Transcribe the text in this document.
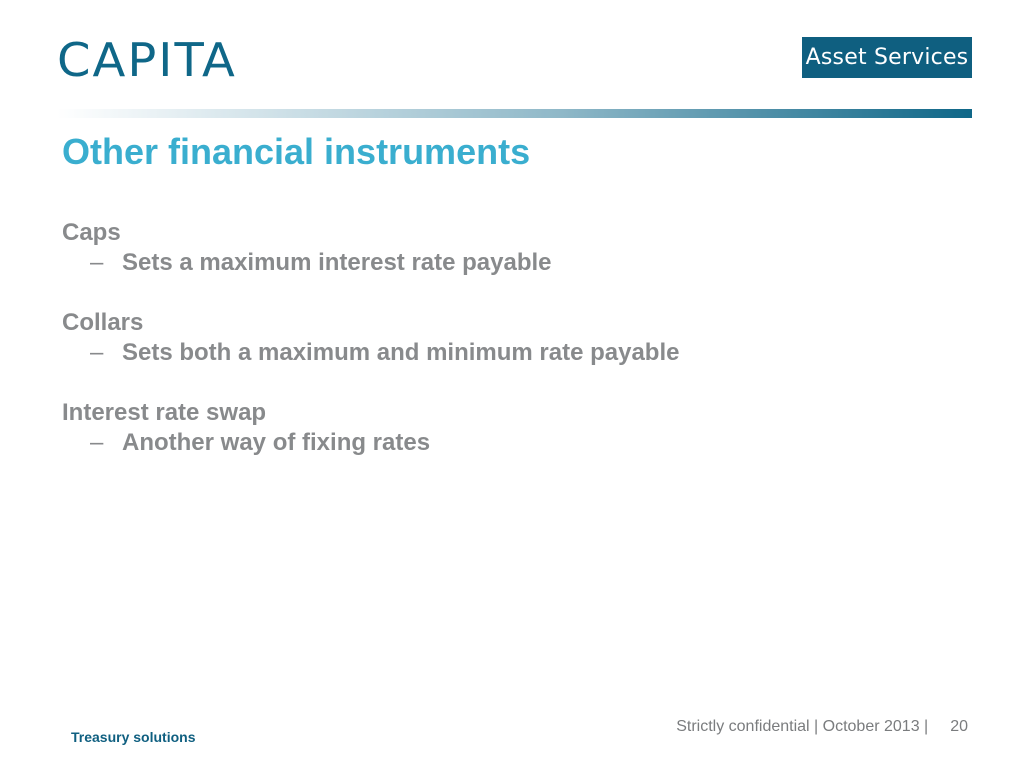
CAPITA	Asset Services
Other financial instruments
Caps
– Sets a maximum interest rate payable
Collars
– Sets both a maximum and minimum rate payable
Interest rate swap
– Another way of fixing rates
Treasury solutions
Strictly confidential | October 2013 | 20
